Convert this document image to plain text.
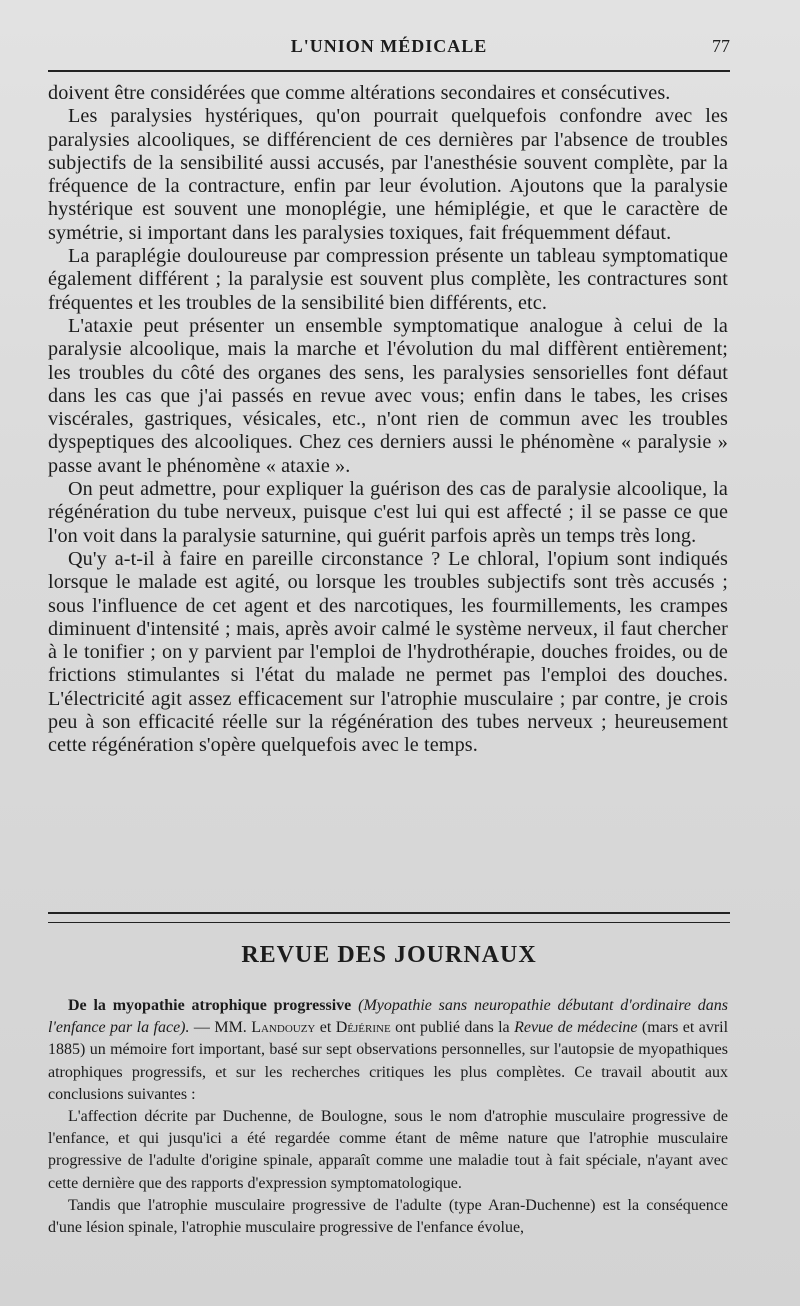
L'UNION MÉDICALE	77

doivent être considérées que comme altérations secondaires et consécutives.

Les paralysies hystériques, qu'on pourrait quelquefois confondre avec les paralysies alcooliques, se différencient de ces dernières par l'absence de troubles subjectifs de la sensibilité aussi accusés, par l'anesthésie souvent complète, par la fréquence de la contracture, enfin par leur évolution. Ajoutons que la paralysie hystérique est souvent une monoplégie, une hémiplégie, et que le caractère de symétrie, si important dans les paralysies toxiques, fait fréquemment défaut.

La paraplégie douloureuse par compression présente un tableau symptomatique également différent ; la paralysie est souvent plus complète, les contractures sont fréquentes et les troubles de la sensibilité bien différents, etc.

L'ataxie peut présenter un ensemble symptomatique analogue à celui de la paralysie alcoolique, mais la marche et l'évolution du mal diffèrent entièrement; les troubles du côté des organes des sens, les paralysies sensorielles font défaut dans les cas que j'ai passés en revue avec vous; enfin dans le tabes, les crises viscérales, gastriques, vésicales, etc., n'ont rien de commun avec les troubles dyspeptiques des alcooliques. Chez ces derniers aussi le phénomène « paralysie » passe avant le phénomène « ataxie ».

On peut admettre, pour expliquer la guérison des cas de paralysie alcoolique, la régénération du tube nerveux, puisque c'est lui qui est affecté ; il se passe ce que l'on voit dans la paralysie saturnine, qui guérit parfois après un temps très long.

Qu'y a-t-il à faire en pareille circonstance ? Le chloral, l'opium sont indiqués lorsque le malade est agité, ou lorsque les troubles subjectifs sont très accusés ; sous l'influence de cet agent et des narcotiques, les fourmillements, les crampes diminuent d'intensité ; mais, après avoir calmé le système nerveux, il faut chercher à le tonifier ; on y parvient par l'emploi de l'hydrothérapie, douches froides, ou de frictions stimulantes si l'état du malade ne permet pas l'emploi des douches. L'électricité agit assez efficacement sur l'atrophie musculaire ; par contre, je crois peu à son efficacité réelle sur la régénération des tubes nerveux ; heureusement cette régénération s'opère quelquefois avec le temps.

REVUE DES JOURNAUX

De la myopathie atrophique progressive (Myopathie sans neuropathie débutant d'ordinaire dans l'enfance par la face). — MM. Landouzy et Déjérine ont publié dans la Revue de médecine (mars et avril 1885) un mémoire fort important, basé sur sept observations personnelles, sur l'autopsie de myopathiques atrophiques progressifs, et sur les recherches critiques les plus complètes. Ce travail aboutit aux conclusions suivantes :

L'affection décrite par Duchenne, de Boulogne, sous le nom d'atrophie musculaire progressive de l'enfance, et qui jusqu'ici a été regardée comme étant de même nature que l'atrophie musculaire progressive de l'adulte d'origine spinale, apparaît comme une maladie tout à fait spéciale, n'ayant avec cette dernière que des rapports d'expression symptomatologique.

Tandis que l'atrophie musculaire progressive de l'adulte (type Aran-Duchenne) est la conséquence d'une lésion spinale, l'atrophie musculaire progressive de l'enfance évolue,
